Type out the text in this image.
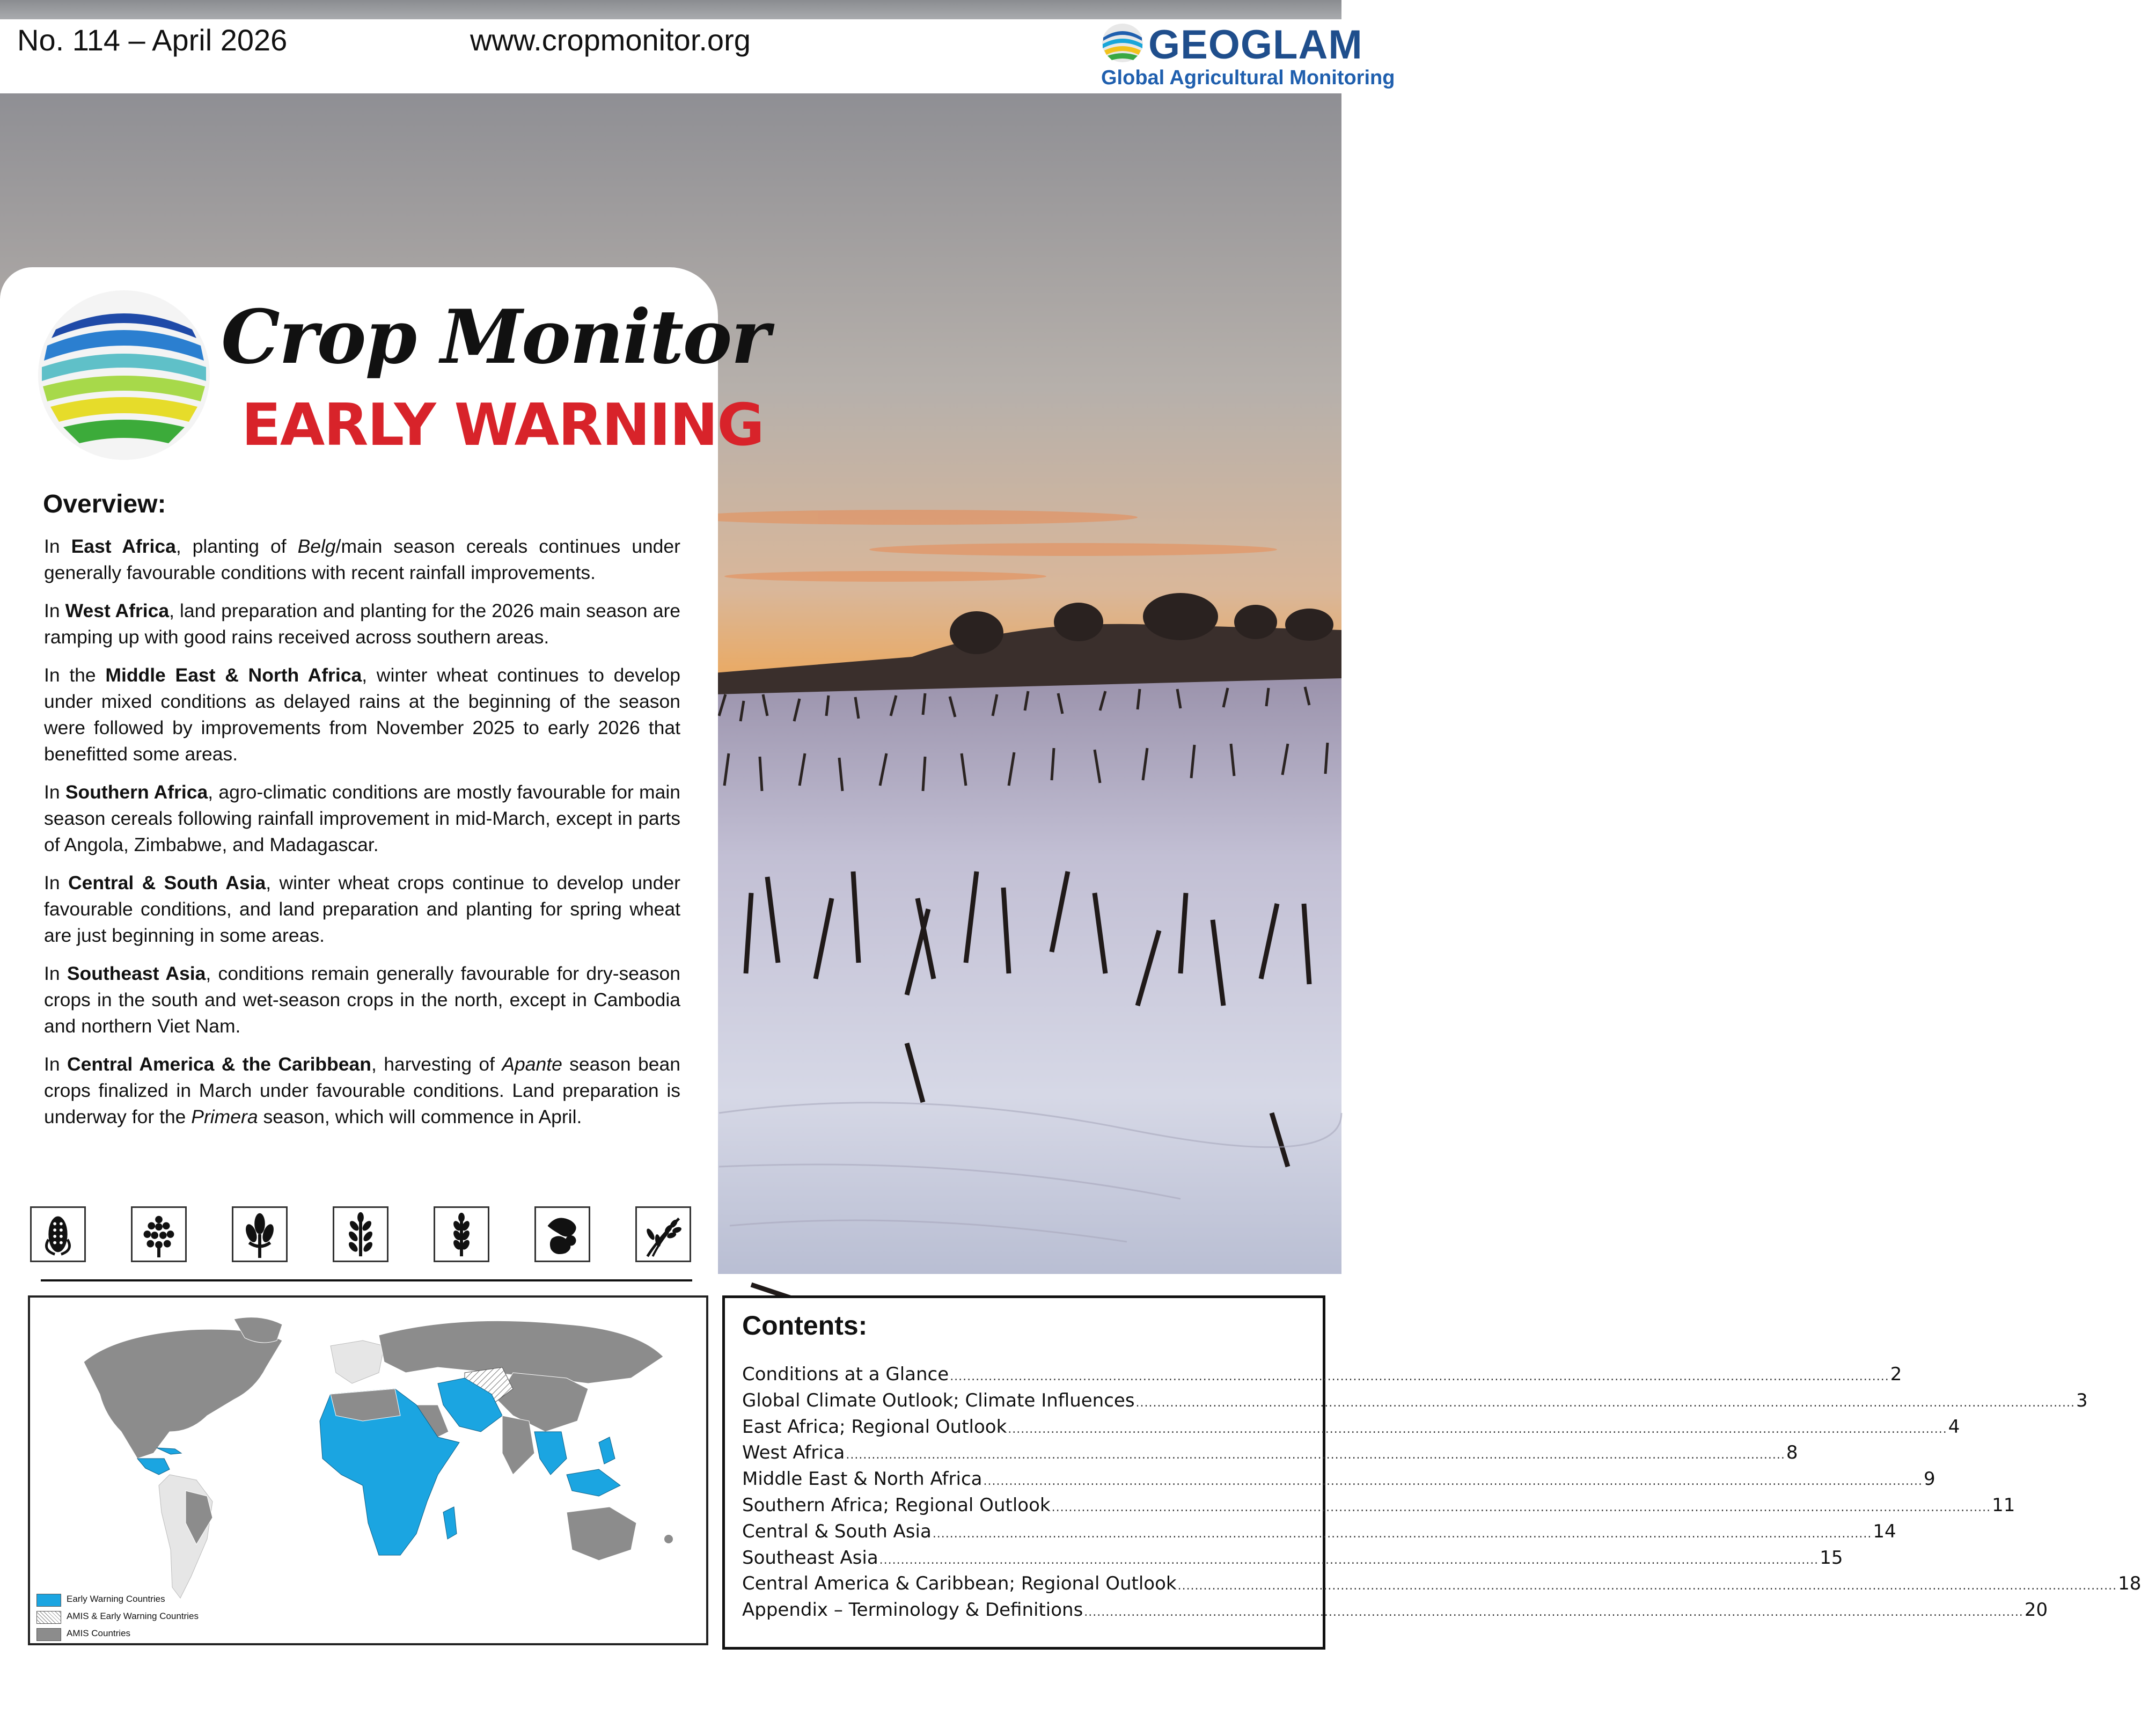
No. 114 – April 2026	www.cropmonitor.org	GEOGLAM
Global Agricultural Monitoring
Crop Monitor
EARLY WARNING
Overview:

In East Africa, planting of Belg/main season cereals continues under generally favourable conditions with recent rainfall improvements.

In West Africa, land preparation and planting for the 2026 main season are ramping up with good rains received across southern areas.

In the Middle East & North Africa, winter wheat continues to develop under mixed conditions as delayed rains at the beginning of the season were followed by improvements from November 2025 to early 2026 that benefitted some areas.

In Southern Africa, agro-climatic conditions are mostly favourable for main season cereals following rainfall improvement in mid-March, except in parts of Angola, Zimbabwe, and Madagascar.

In Central & South Asia, winter wheat crops continue to develop under favourable conditions, and land preparation and planting for spring wheat are just beginning in some areas.

In Southeast Asia, conditions remain generally favourable for dry-season crops in the south and wet-season crops in the north, except in Cambodia and northern Viet Nam.

In Central America & the Caribbean, harvesting of Apante season bean crops finalized in March under favourable conditions. Land preparation is underway for the Primera season, which will commence in April.

Early Warning Countries
AMIS & Early Warning Countries
AMIS Countries
Contents:
Conditions at a Glance .....	2
Global Climate Outlook; Climate Influences .....	3
East Africa; Regional Outlook .....	4
West Africa .....	8
Middle East & North Africa .....	9
Southern Africa; Regional Outlook .....	11
Central & South Asia .....	14
Southeast Asia .....	15
Central America & Caribbean; Regional Outlook .....	18
Appendix – Terminology & Definitions .....	20
